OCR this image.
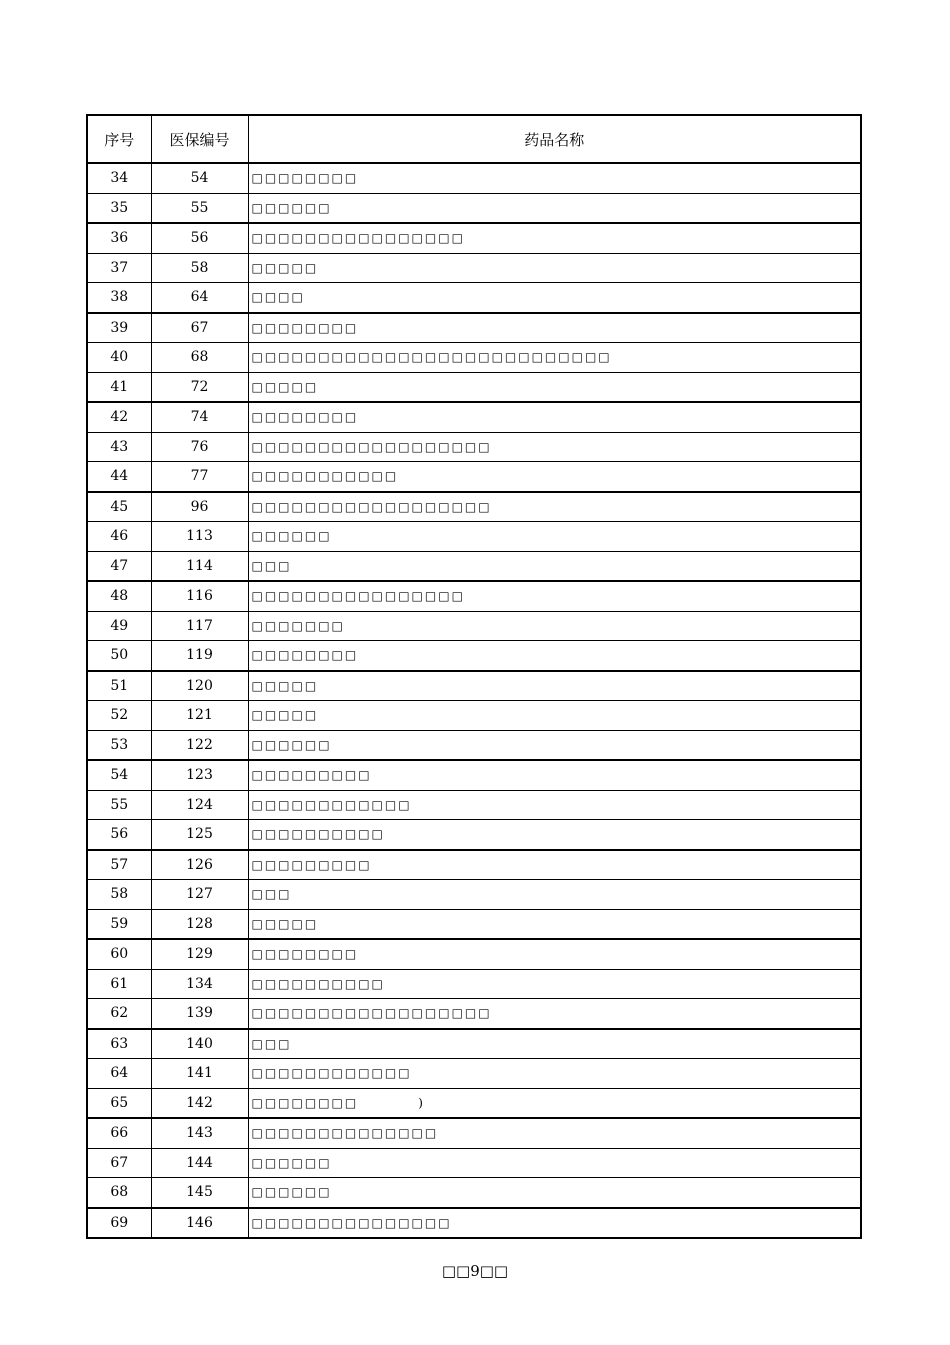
序号	医保编号	药品名称
34	54	□□□□□□□□
35	55	□□□□□□
36	56	□□□□□□□□□□□□□□□□
37	58	□□□□□
38	64	□□□□
39	67	□□□□□□□□
40	68	□□□□□□□□□□□□□□□□□□□□□□□□□□□
41	72	□□□□□
42	74	□□□□□□□□
43	76	□□□□□□□□□□□□□□□□□□
44	77	□□□□□□□□□□□
45	96	□□□□□□□□□□□□□□□□□□
46	113	□□□□□□
47	114	□□□
48	116	□□□□□□□□□□□□□□□□
49	117	□□□□□□□
50	119	□□□□□□□□
51	120	□□□□□
52	121	□□□□□
53	122	□□□□□□
54	123	□□□□□□□□□
55	124	□□□□□□□□□□□□
56	125	□□□□□□□□□□
57	126	□□□□□□□□□
58	127	□□□
59	128	□□□□□
60	129	□□□□□□□□
61	134	□□□□□□□□□□
62	139	□□□□□□□□□□□□□□□□□□
63	140	□□□
64	141	□□□□□□□□□□□□
65	142	□□□□□□□□ )
66	143	□□□□□□□□□□□□□□
67	144	□□□□□□
68	145	□□□□□□
69	146	□□□□□□□□□□□□□□□
□□9□□
